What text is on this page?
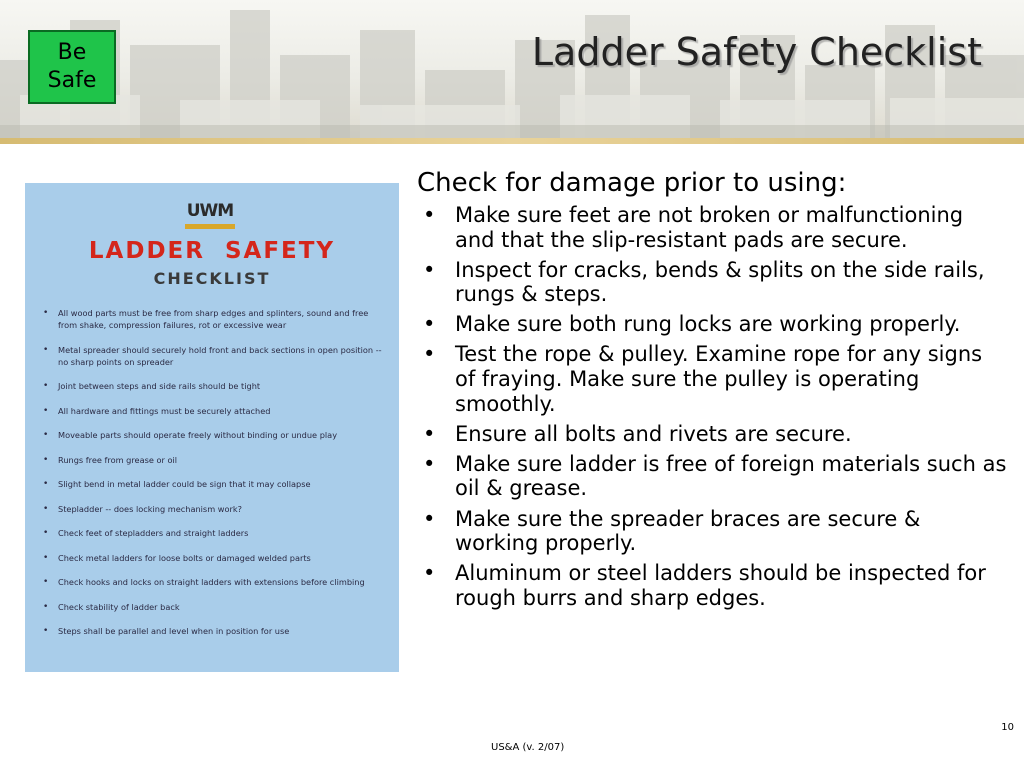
Be
Safe
Ladder Safety Checklist
UWM
LADDER SAFETY
CHECKLIST
• All wood parts must be free from sharp edges and splinters, sound and free from shake, compression failures, rot or excessive wear
• Metal spreader should securely hold front and back sections in open position -- no sharp points on spreader
• Joint between steps and side rails should be tight
• All hardware and fittings must be securely attached
• Moveable parts should operate freely without binding or undue play
• Rungs free from grease or oil
• Slight bend in metal ladder could be sign that it may collapse
• Stepladder -- does locking mechanism work?
• Check feet of stepladders and straight ladders
• Check metal ladders for loose bolts or damaged welded parts
• Check hooks and locks on straight ladders with extensions before climbing
• Check stability of ladder back
• Steps shall be parallel and level when in position for use
Check for damage prior to using:
• Make sure feet are not broken or malfunctioning and that the slip-resistant pads are secure.
• Inspect for cracks, bends & splits on the side rails, rungs & steps.
• Make sure both rung locks are working properly.
• Test the rope & pulley. Examine rope for any signs of fraying. Make sure the pulley is operating smoothly.
• Ensure all bolts and rivets are secure.
• Make sure ladder is free of foreign materials such as oil & grease.
• Make sure the spreader braces are secure & working properly.
• Aluminum or steel ladders should be inspected for rough burrs and sharp edges.
10
US&A (v. 2/07)
